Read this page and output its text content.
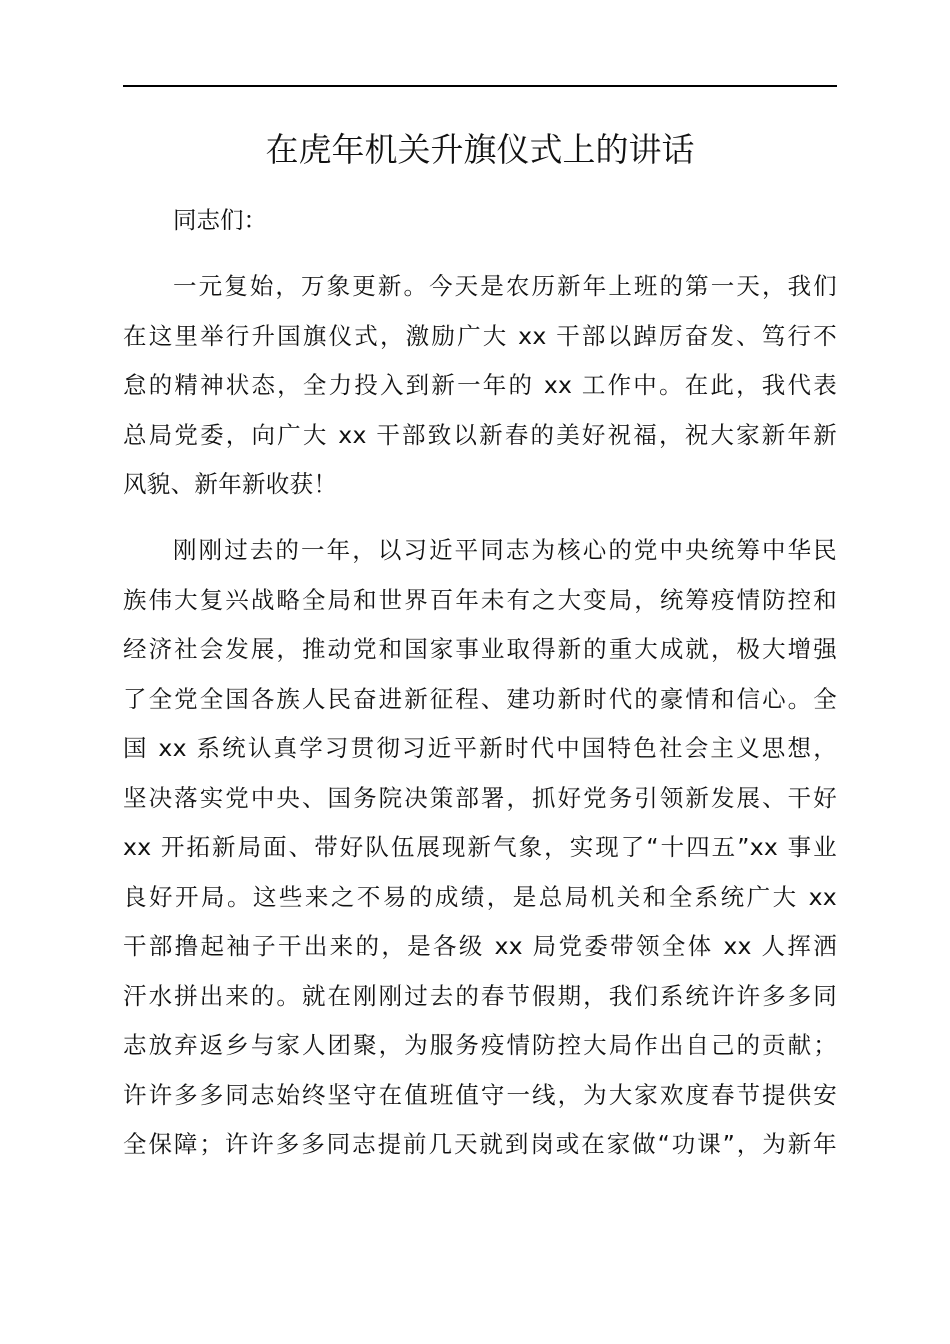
在虎年机关升旗仪式上的讲话

同志们：

一元复始，万象更新。今天是农历新年上班的第一天，我们
在这里举行升国旗仪式，激励广大 xx 干部以踔厉奋发、笃行不
怠的精神状态，全力投入到新一年的 xx 工作中。在此，我代表
总局党委，向广大 xx 干部致以新春的美好祝福，祝大家新年新
风貌、新年新收获！
刚刚过去的一年，以习近平同志为核心的党中央统筹中华民
族伟大复兴战略全局和世界百年未有之大变局，统筹疫情防控和
经济社会发展，推动党和国家事业取得新的重大成就，极大增强
了全党全国各族人民奋进新征程、建功新时代的豪情和信心。全
国 xx 系统认真学习贯彻习近平新时代中国特色社会主义思想，
坚决落实党中央、国务院决策部署，抓好党务引领新发展、干好
xx 开拓新局面、带好队伍展现新气象，实现了“十四五”xx 事业
良好开局。这些来之不易的成绩，是总局机关和全系统广大 xx
干部撸起袖子干出来的，是各级 xx 局党委带领全体 xx 人挥洒
汗水拼出来的。就在刚刚过去的春节假期，我们系统许许多多同
志放弃返乡与家人团聚，为服务疫情防控大局作出自己的贡献；
许许多多同志始终坚守在值班值守一线，为大家欢度春节提供安
全保障；许许多多同志提前几天就到岗或在家做“功课”，为新年
